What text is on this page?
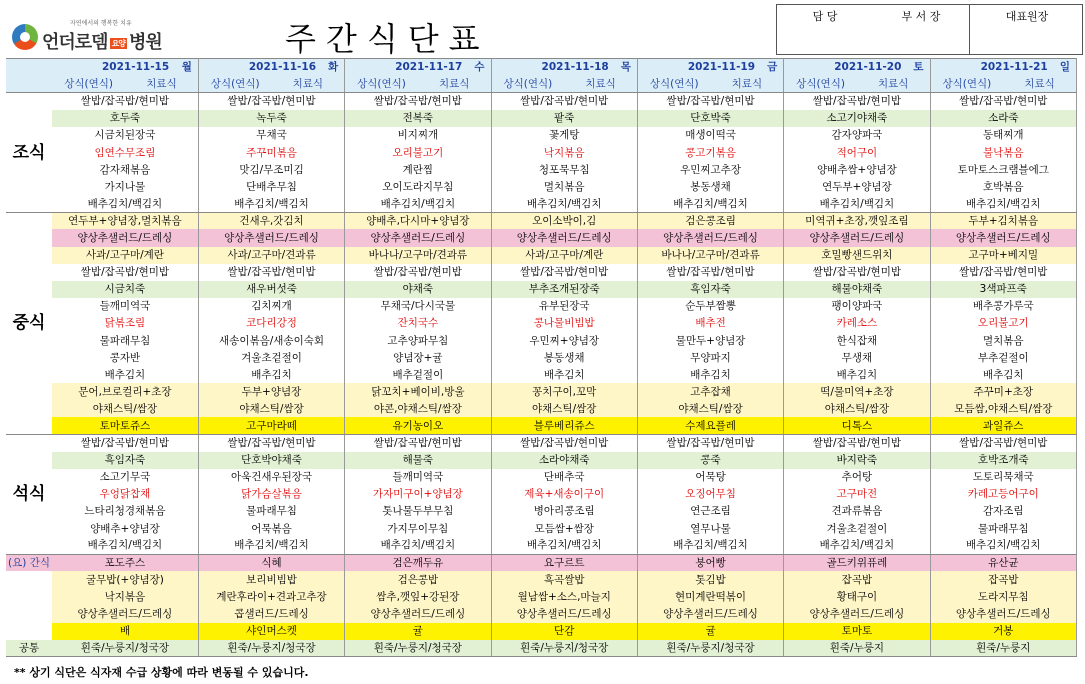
자연에서의 행복한 치유
언더로뎀 요양 병원	주간식단표
담 당	부 서 장	대표원장
	2021-11-15	월	2021-11-16	화	2021-11-17	수	2021-11-18	목	2021-11-19	금	2021-11-20	토	2021-11-21	일
	상식(연식)	치료식	상식(연식)	치료식	상식(연식)	치료식	상식(연식)	치료식	상식(연식)	치료식	상식(연식)	치료식	상식(연식)	치료식
조식	쌀밥/잡곡밥/현미밥		쌀밥/잡곡밥/현미밥		쌀밥/잡곡밥/현미밥		쌀밥/잡곡밥/현미밥		쌀밥/잡곡밥/현미밥		쌀밥/잡곡밥/현미밥		쌀밥/잡곡밥/현미밥	
	호두죽		녹두죽		전복죽		팥죽		단호박죽		소고기야채죽		소라죽	
	시금치된장국		무채국		비지찌개		꽃게탕		매생이떡국		감자양파국		동태찌개	
	임연수무조림		주꾸미볶음		오리불고기		낙지볶음		콩고기볶음		적어구이		불낙볶음	
	감자채볶음		맛김/무조미김		계란찜		청포묵무침		우민찌고추장		양배추쌈+양념장		토마토스크램블에그	
	가지나물		단배추무침		오이도라지무침		멸치볶음		봉동생채		연두부+양념장		호박볶음	
	배추김치/백김치		배추김치/백김치		배추김치/백김치		배추김치/백김치		배추김치/백김치		배추김치/백김치		배추김치/백김치	
중식	연두부+양념장,멸치볶음		건새우,갓김치		양배추,다시마+양념장		오이소박이,김		검은콩조림		미역귀+초장,깻잎조림		두부+김치볶음	
	양상추샐러드/드레싱		양상추샐러드/드레싱		양상추샐러드/드레싱		양상추샐러드/드레싱		양상추샐러드/드레싱		양상추샐러드/드레싱		양상추샐러드/드레싱	
	사과/고구마/계란		사과/고구마/견과류		바나나/고구마/견과류		사과/고구마/계란		바나나/고구마/견과류		호밀빵샌드위치		고구마+베지밀	
	쌀밥/잡곡밥/현미밥		쌀밥/잡곡밥/현미밥		쌀밥/잡곡밥/현미밥		쌀밥/잡곡밥/현미밥		쌀밥/잡곡밥/현미밥		쌀밥/잡곡밥/현미밥		쌀밥/잡곡밥/현미밥	
	시금치죽		새우버섯죽		야채죽		부추조개된장죽		흑임자죽		해물야채죽		3색파프죽	
	들깨미역국		김치찌개		무채국/다시국물		유부된장국		순두부짬뽕		팽이양파국		배추콩가루국	
	닭볶조림		코다리강정		잔치국수		콩나물비빔밥		배추전		카레소스		오리불고기	
	물파래무침		새송이볶음/새송이숙회		고추양파무침		우민찌+양념장		물만두+양념장		한식잡채		멸치볶음	
	콩자반		겨울초겉절이		양념장+귤		봉동생채		무양파지		무생채		부추겉절이	
	배추김치		배추김치		배추겉절이		배추김치		배추김치		배추김치		배추김치	
	문어,브로컬리+초장		두부+양념장		닭꼬치+베이비,방울		꽁치구이,꼬막		고추잡채		떡/물미역+초장		주꾸미+초장	
	야채스틱/쌈장		야채스틱/쌈장		야콘,야채스틱/쌈장		야채스틱/쌈장		야채스틱/쌈장		야채스틱/쌈장		모듬쌈,야채스틱/쌈장	
	토마토쥬스		고구마라떼		유기농이오		블루베리쥬스		수제요플레		디톡스		과일쥬스	
석식	쌀밥/잡곡밥/현미밥		쌀밥/잡곡밥/현미밥		쌀밥/잡곡밥/현미밥		쌀밥/잡곡밥/현미밥		쌀밥/잡곡밥/현미밥		쌀밥/잡곡밥/현미밥		쌀밥/잡곡밥/현미밥	
	흑임자죽		단호박야채죽		해물죽		소라야채죽		콩죽		바지락죽		호박조개죽	
	소고기무국		아욱건새우된장국		들깨미역국		단배추국		어묵탕		추어탕		도토리묵채국	
	우엉닭찹채		닭가슴살볶음		가자미구이+양념장		제육+새송이구이		오징어무침		고구마전		카레고등어구이	
	느타리청경채볶음		물파래무침		톳나물두부무침		병아리콩조림		연근조림		견과류볶음		감자조림	
	양배추+양념장		어묵볶음		가지무이무침		모듬쌈+쌈장		열무나물		겨울초겉절이		물파래무침	
	배추김치/백김치		배추김치/백김치		배추김치/백김치		배추김치/백김치		배추김치/백김치		배추김치/백김치		배추김치/백김치	
(요) 간식	포도주스		식혜		검은깨두유		요구르트		붕어빵		골드키위퓨레		유산균	
	굴무밥(+양념장)		보리비빔밥		검은콩밥		흑곡쌀밥		톳김밥		잡곡밥		잡곡밥	
	낙지볶음		계란후라이+견과고추장		쌈추,깻잎+강된장		월남쌈+소스,마늘지		현미계란떡볶이		황태구이		도라지무침	
	양상추샐러드/드레싱		콥샐러드/드레싱		양상추샐러드/드레싱		양상추샐러드/드레싱		양상추샐러드/드레싱		양상추샐러드/드레싱		양상추샐러드/드레싱	
	배		샤인머스켓		귤		단감		귤		토마토		거봉	
공통	흰죽/누룽지/청국장		흰죽/누룽지/청국장		흰죽/누룽지/청국장		흰죽/누룽지/청국장		흰죽/누룽지/청국장		흰죽/누룽지		흰죽/누룽지	
** 상기 식단은 식자재 수급 상황에 따라 변동될 수 있습니다.
